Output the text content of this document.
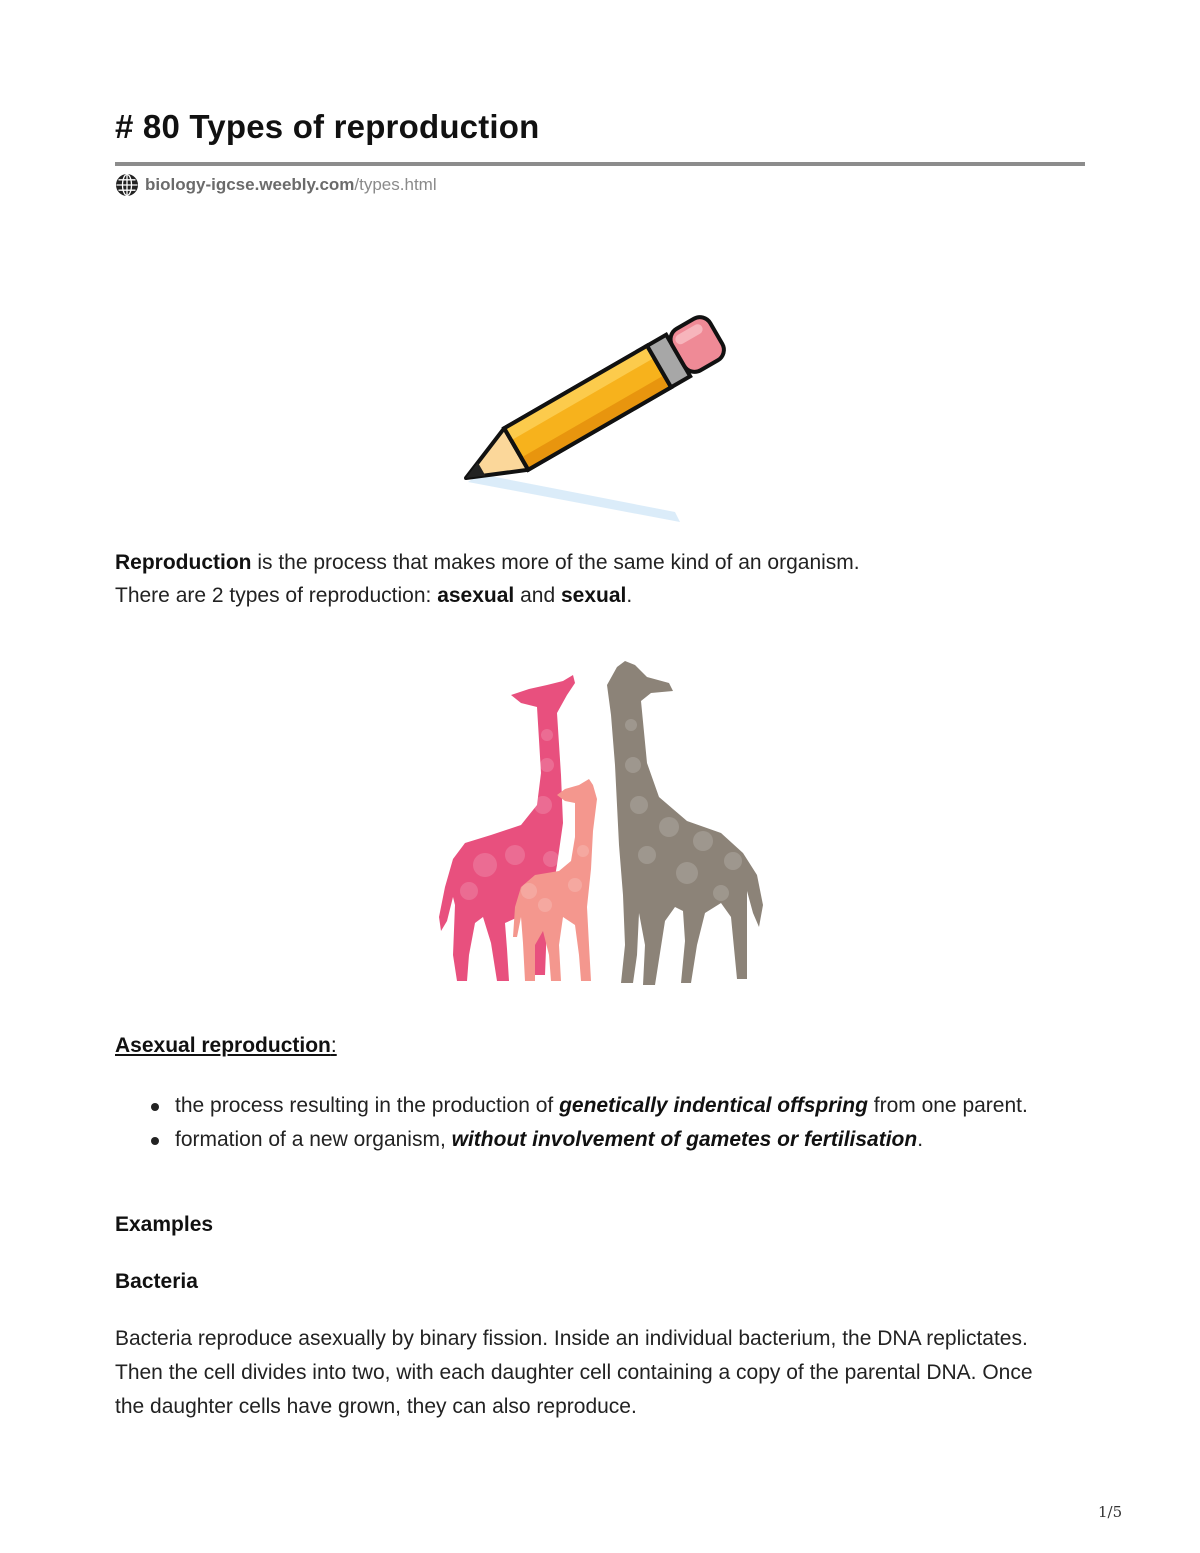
# 80 Types of reproduction
biology-igcse.weebly.com /types.html

Reproduction is the process that makes more of the same kind of an organism.
There are 2 types of reproduction: asexual and sexual.

Asexual reproduction:
the process resulting in the production of genetically indentical offspring from one parent.
formation of a new organism, without involvement of gametes or fertilisation.
Examples
Bacteria

Bacteria reproduce asexually by binary fission. Inside an individual bacterium, the DNA replictates. Then the cell divides into two, with each daughter cell containing a copy of the parental DNA. Once the daughter cells have grown, they can also reproduce.

1/5
